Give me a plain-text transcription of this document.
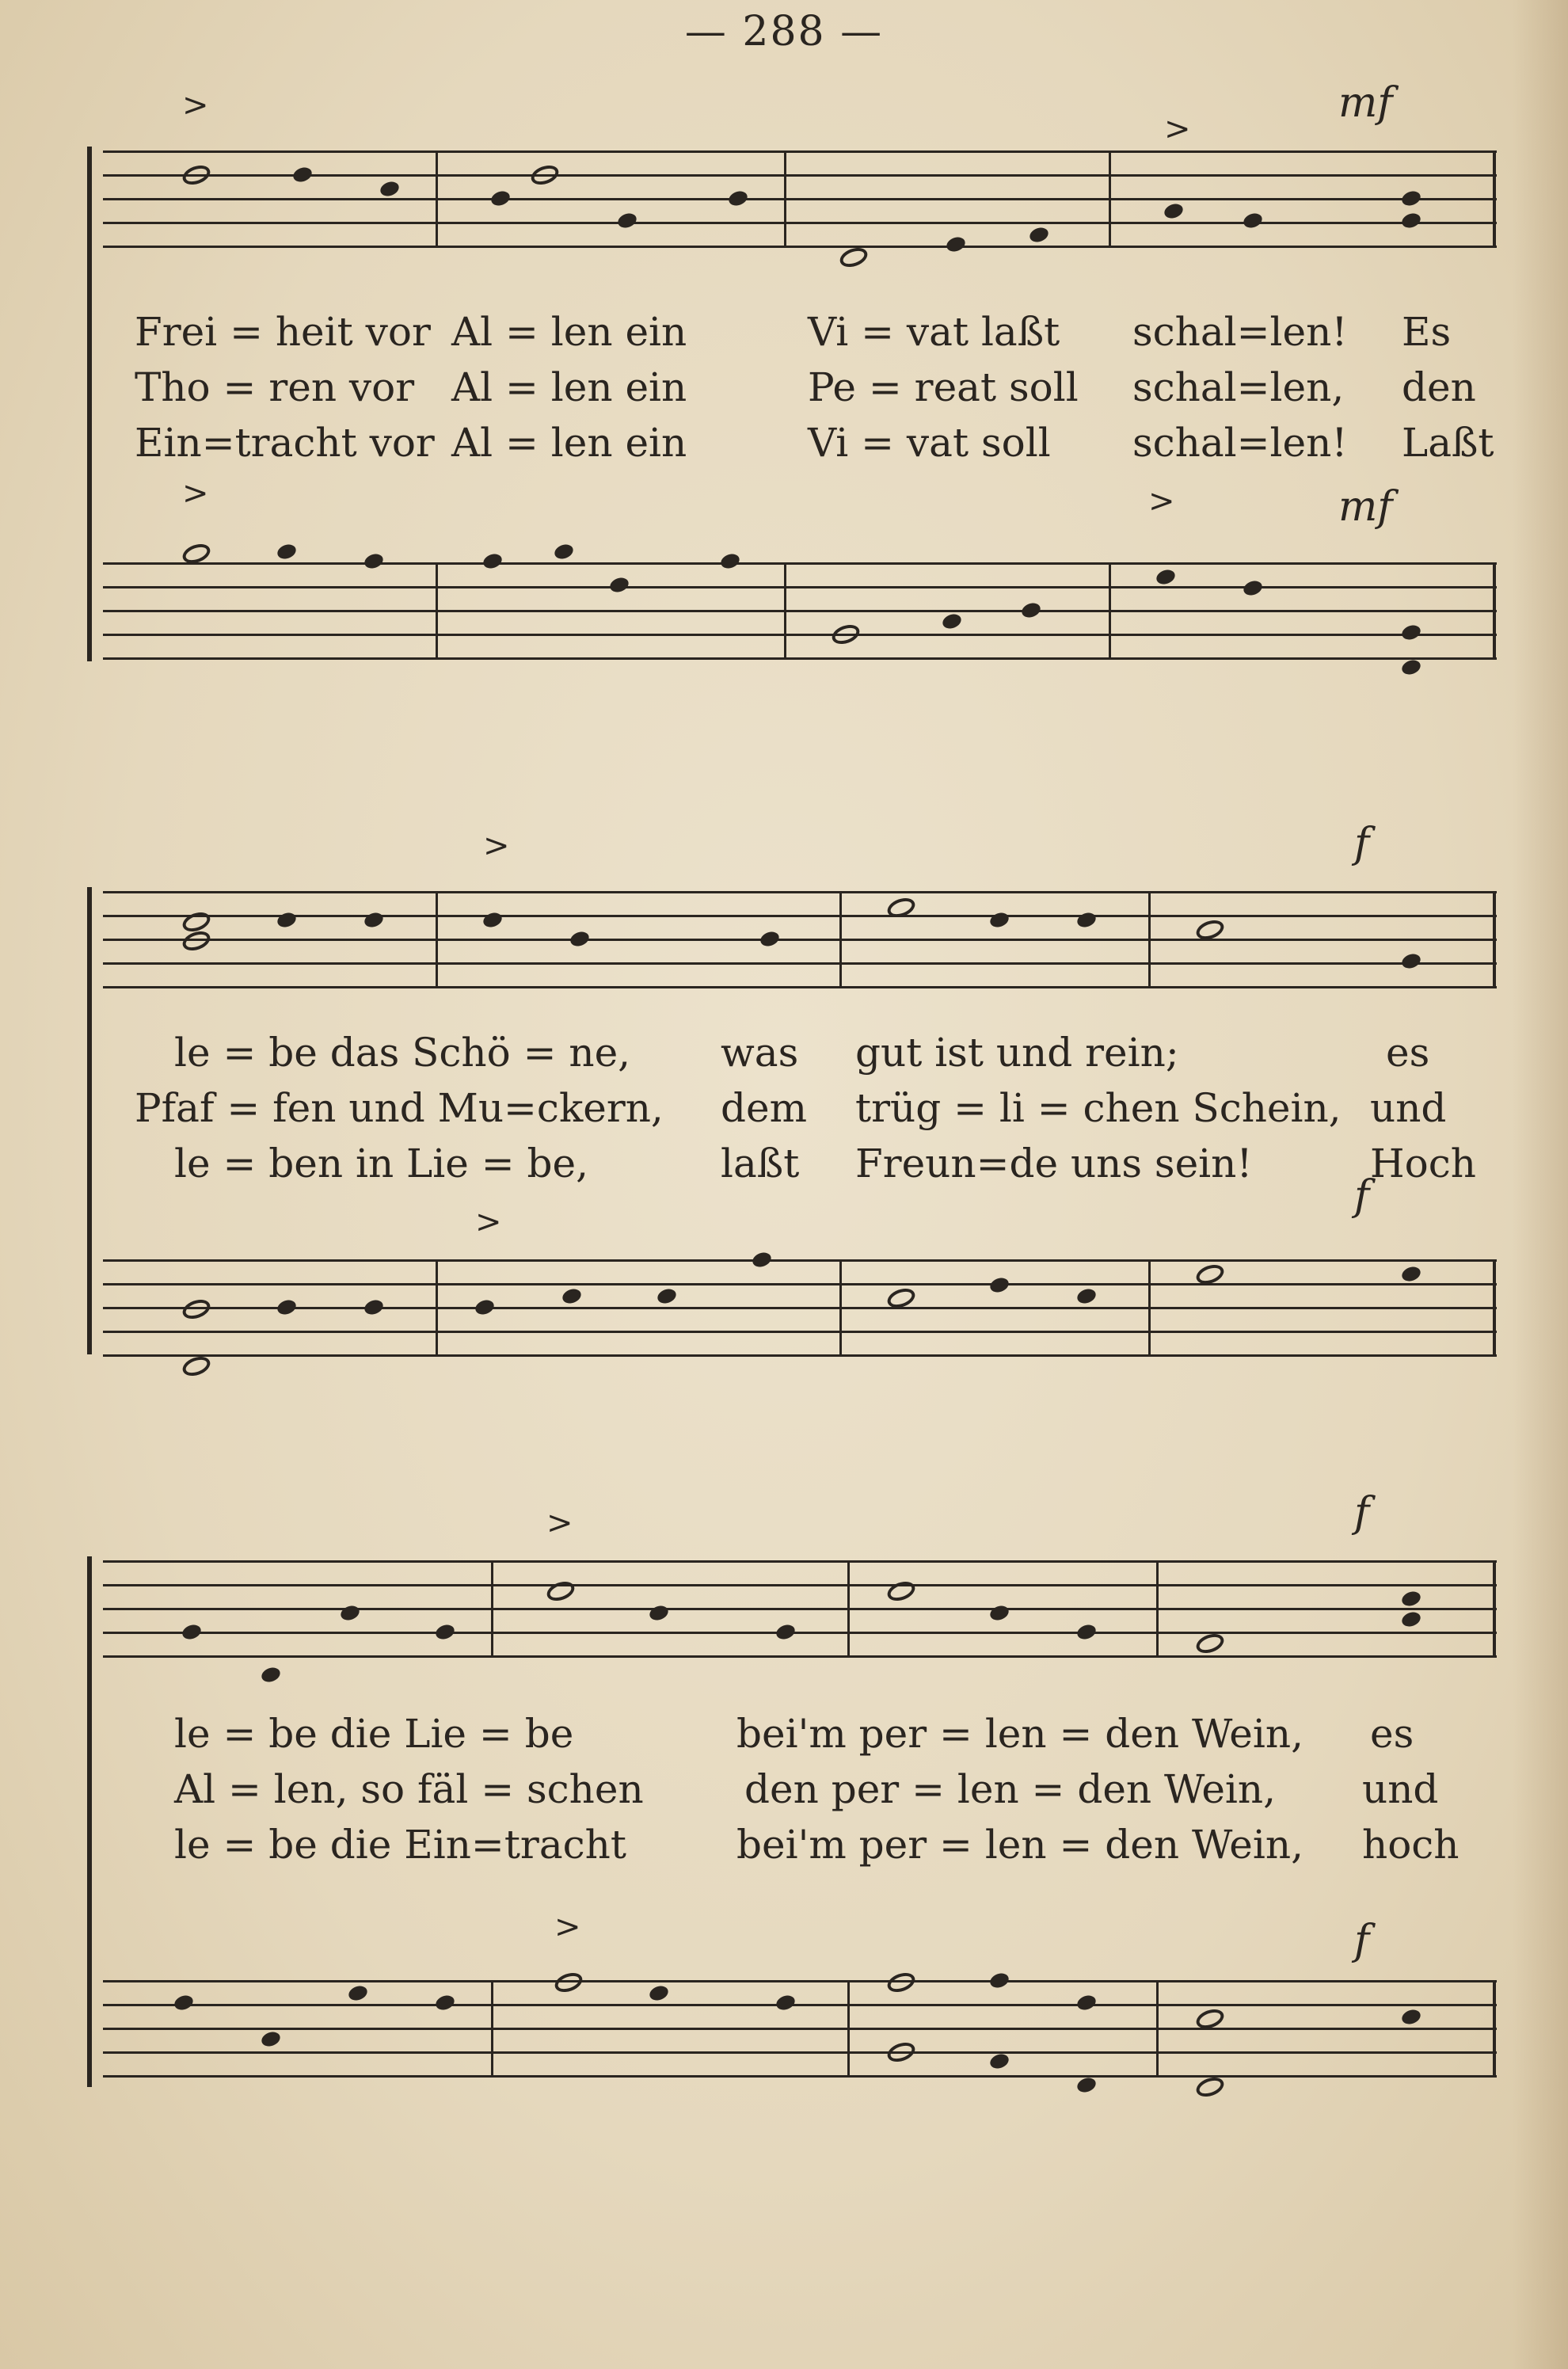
— 288 —
>
>
mf
Frei = heit vor Al = len ein	Vi = vat laßt schal=len! Es
Tho = ren vor Al = len ein	Pe = reat soll schal=len, den
Ein=tracht vor Al = len ein	Vi = vat soll schal=len! Laßt
>	>	mf
>	f
le = be das Schö = ne, was gut ist und rein;	es
Pfaf = fen und Mu=ckern, dem trüg = li = chen Schein, und
le = ben in Lie = be,	laßt Freun=de uns sein!	Hoch
>
f
>	f
le = be die Lie = be	bei'm per = len = den Wein, es
Al = len, so fäl = schen	den per = len = den Wein, und
le = be die Ein=tracht	bei'm per = len = den Wein, hoch
>	f
